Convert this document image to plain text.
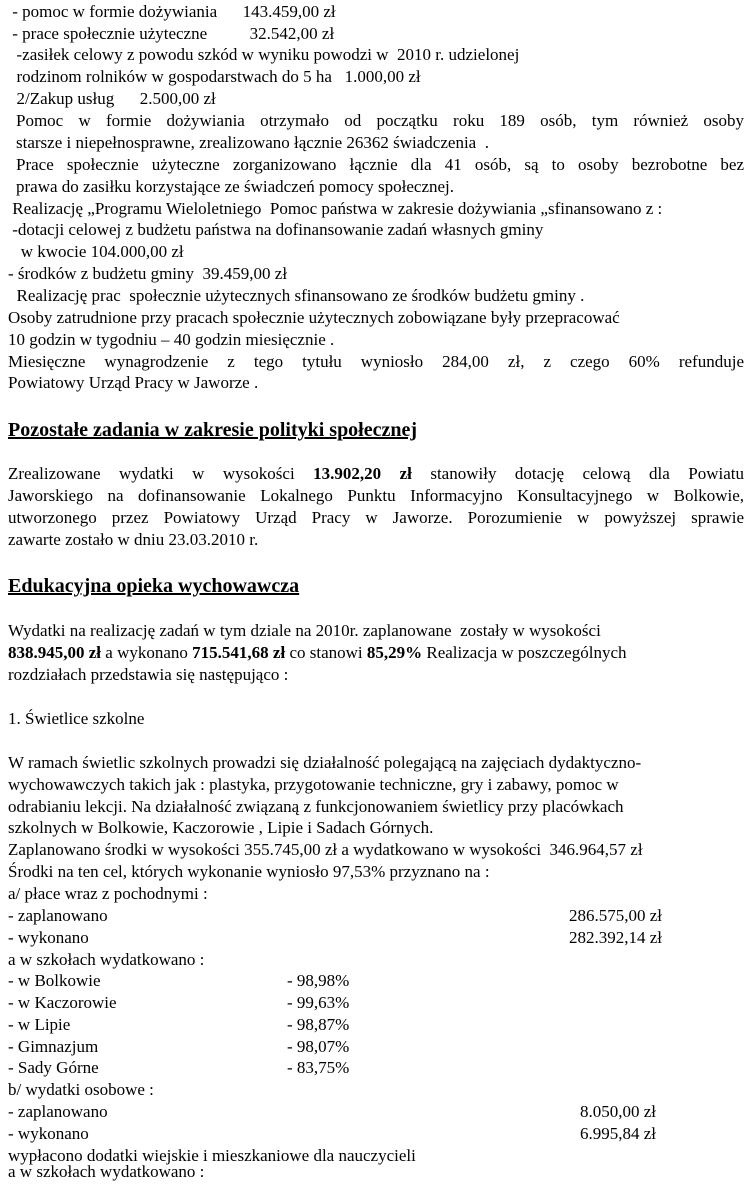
- pomoc w formie dożywiania      143.459,00 zł
- prace społecznie użyteczne          32.542,00 zł
-zasiłek celowy z powodu szkód w wyniku powodzi w  2010 r. udzielonej
rodzinom rolników w gospodarstwach do 5 ha   1.000,00 zł
2/Zakup usług      2.500,00 zł
Pomoc w formie dożywiania otrzymało od początku roku 189 osób, tym również osoby
starsze i niepełnosprawne, zrealizowano łącznie 26362 świadczenia  .
Prace społecznie użyteczne zorganizowano łącznie dla 41 osób, są to osoby bezrobotne bez
prawa do zasiłku korzystające ze świadczeń pomocy społecznej.
Realizację „Programu Wieloletniego  Pomoc państwa w zakresie dożywiania „sfinansowano z :
-dotacji celowej z budżetu państwa na dofinansowanie zadań własnych gminy
w kwocie 104.000,00 zł
- środków z budżetu gminy  39.459,00 zł
Realizację prac  społecznie użytecznych sfinansowano ze środków budżetu gminy .
Osoby zatrudnione przy pracach społecznie użytecznych zobowiązane były przepracować
10 godzin w tygodniu – 40 godzin miesięcznie .
Miesięczne wynagrodzenie z tego tytułu wyniosło 284,00 zł, z czego 60% refunduje
Powiatowy Urząd Pracy w Jaworze .
Pozostałe zadania w zakresie polityki społecznej
Zrealizowane wydatki w wysokości 13.902,20 zł stanowiły dotację celową dla Powiatu
Jaworskiego na dofinansowanie Lokalnego Punktu Informacyjno Konsultacyjnego w Bolkowie,
utworzonego przez Powiatowy Urząd Pracy w Jaworze. Porozumienie w powyższej sprawie
zawarte zostało w dniu 23.03.2010 r.
Edukacyjna opieka wychowawcza
Wydatki na realizację zadań w tym dziale na 2010r. zaplanowane  zostały w wysokości
838.945,00 zł a wykonano 715.541,68 zł co stanowi 85,29% Realizacja w poszczególnych
rozdziałach przedstawia się następująco :
1. Świetlice szkolne
W ramach świetlic szkolnych prowadzi się działalność polegającą na zajęciach dydaktyczno-
wychowawczych takich jak : plastyka, przygotowanie techniczne, gry i zabawy, pomoc w
odrabianiu lekcji. Na działalność związaną z funkcjonowaniem świetlicy przy placówkach
szkolnych w Bolkowie, Kaczorowie , Lipie i Sadach Górnych.
Zaplanowano środki w wysokości 355.745,00 zł a wydatkowano w wysokości  346.964,57 zł
Środki na ten cel, których wykonanie wyniosło 97,53% przyznano na :
a/ płace wraz z pochodnymi :
- zaplanowano	286.575,00 zł
- wykonano	282.392,14 zł
a w szkołach wydatkowano :
- w Bolkowie	- 98,98%
- w Kaczorowie	- 99,63%
- w Lipie	- 98,87%
- Gimnazjum	- 98,07%
- Sady Górne	- 83,75%
b/ wydatki osobowe :
- zaplanowano	8.050,00 zł
- wykonano	6.995,84 zł
wypłacono dodatki wiejskie i mieszkaniowe dla nauczycieli
a w szkołach wydatkowano :
